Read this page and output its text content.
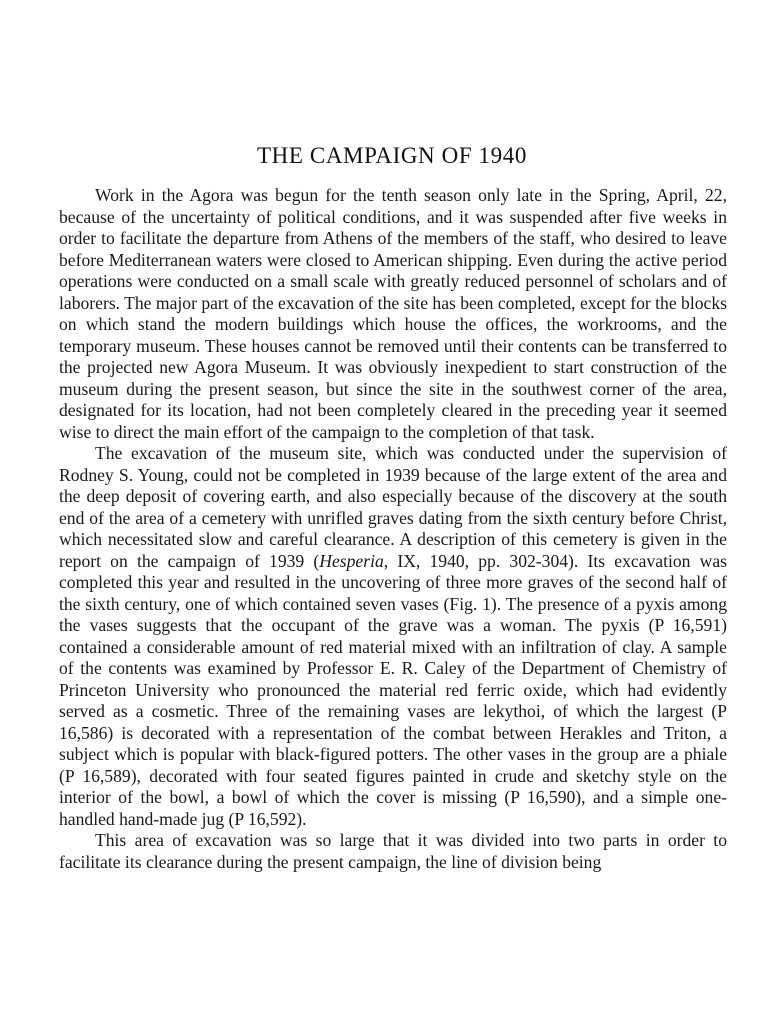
THE CAMPAIGN OF 1940

Work in the Agora was begun for the tenth season only late in the Spring, April, 22, because of the uncertainty of political conditions, and it was suspended after five weeks in order to facilitate the departure from Athens of the members of the staff, who desired to leave before Mediterranean waters were closed to American shipping. Even during the active period operations were conducted on a small scale with greatly reduced personnel of scholars and of laborers. The major part of the excavation of the site has been completed, except for the blocks on which stand the modern buildings which house the offices, the workrooms, and the temporary museum. These houses cannot be removed until their contents can be transferred to the projected new Agora Museum. It was obviously inexpedient to start construction of the museum during the present season, but since the site in the southwest corner of the area, designated for its location, had not been completely cleared in the preceding year it seemed wise to direct the main effort of the campaign to the completion of that task.

The excavation of the museum site, which was conducted under the supervision of Rodney S. Young, could not be completed in 1939 because of the large extent of the area and the deep deposit of covering earth, and also especially because of the discovery at the south end of the area of a cemetery with unrifled graves dating from the sixth century before Christ, which necessitated slow and careful clearance. A description of this cemetery is given in the report on the campaign of 1939 (Hesperia, IX, 1940, pp. 302-304). Its excavation was completed this year and resulted in the uncovering of three more graves of the second half of the sixth century, one of which contained seven vases (Fig. 1). The presence of a pyxis among the vases suggests that the occupant of the grave was a woman. The pyxis (P 16,591) contained a considerable amount of red material mixed with an infiltration of clay. A sample of the contents was examined by Professor E. R. Caley of the Department of Chemistry of Princeton University who pronounced the material red ferric oxide, which had evidently served as a cosmetic. Three of the remaining vases are lekythoi, of which the largest (P 16,586) is decorated with a representation of the combat between Herakles and Triton, a subject which is popular with black-figured potters. The other vases in the group are a phiale (P 16,589), decorated with four seated figures painted in crude and sketchy style on the interior of the bowl, a bowl of which the cover is missing (P 16,590), and a simple one-handled hand-made jug (P 16,592).

This area of excavation was so large that it was divided into two parts in order to facilitate its clearance during the present campaign, the line of division being
